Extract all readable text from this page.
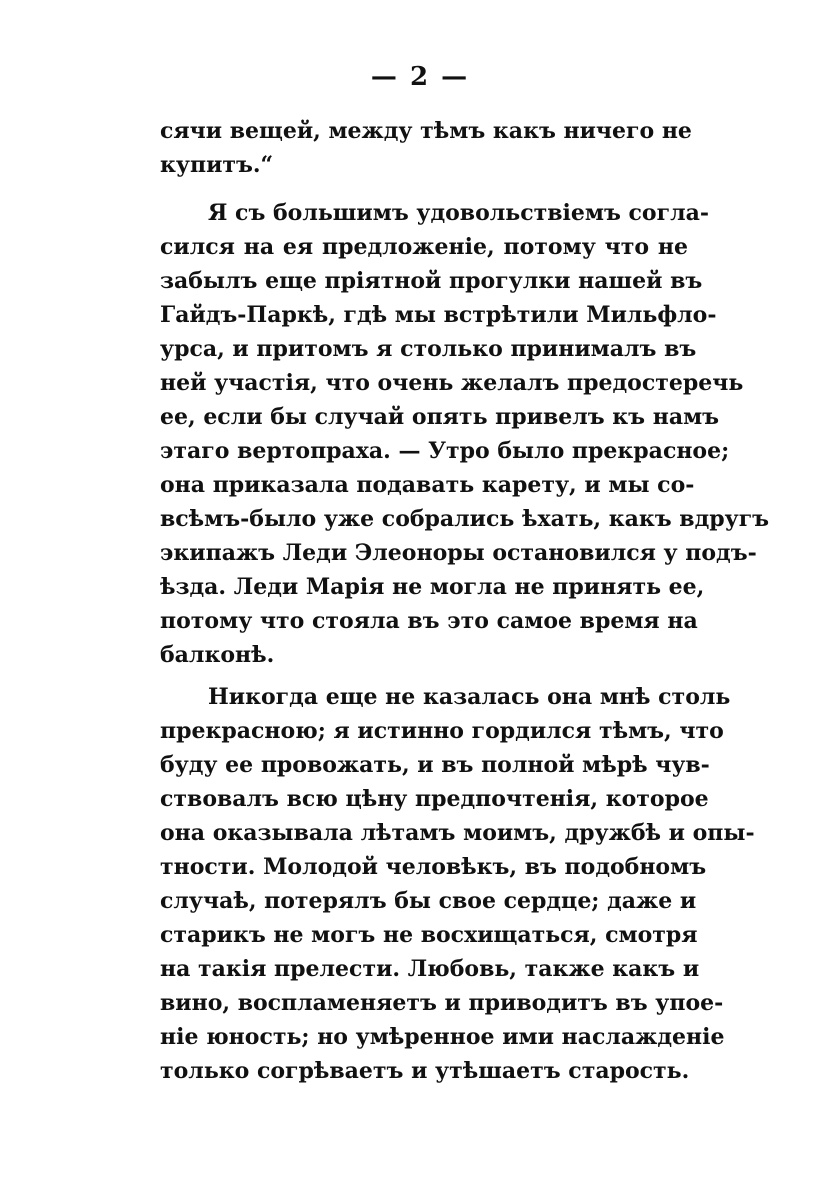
— 2 —
сячи вещей, между тѣмъ какъ ничего не
купитъ.“
Я съ большимъ удовольствіемъ согла-
сился на ея предложеніе, потому что не
забылъ еще пріятной прогулки нашей въ
Гайдъ-Паркѣ, гдѣ мы встрѣтили Мильфло-
урса, и притомъ я столько принималъ въ
ней участія, что очень желалъ предостеречь
ее, если бы случай опять привелъ къ намъ
этаго вертопраха. — Утро было прекрасное;
она приказала подавать карету, и мы со-
всѣмъ-было уже собрались ѣхать, какъ вдругъ
экипажъ Леди Элеоноры остановился у подъ-
ѣзда. Леди Марія не могла не принять ее,
потому что стояла въ это самое время на
балконѣ.
Никогда еще не казалась она мнѣ столь
прекрасною; я истинно гордился тѣмъ, что
буду ее провожать, и въ полной мѣрѣ чув-
ствовалъ всю цѣну предпочтенія, которое
она оказывала лѣтамъ моимъ, дружбѣ и опы-
тности. Молодой человѣкъ, въ подобномъ
случаѣ, потерялъ бы свое сердце; даже и
старикъ не могъ не восхищаться, смотря
на такія прелести. Любовь, также какъ и
вино, воспламеняетъ и приводитъ въ упое-
ніе юность; но умѣренное ими наслажденіе
только согрѣваетъ и утѣшаетъ старость.
